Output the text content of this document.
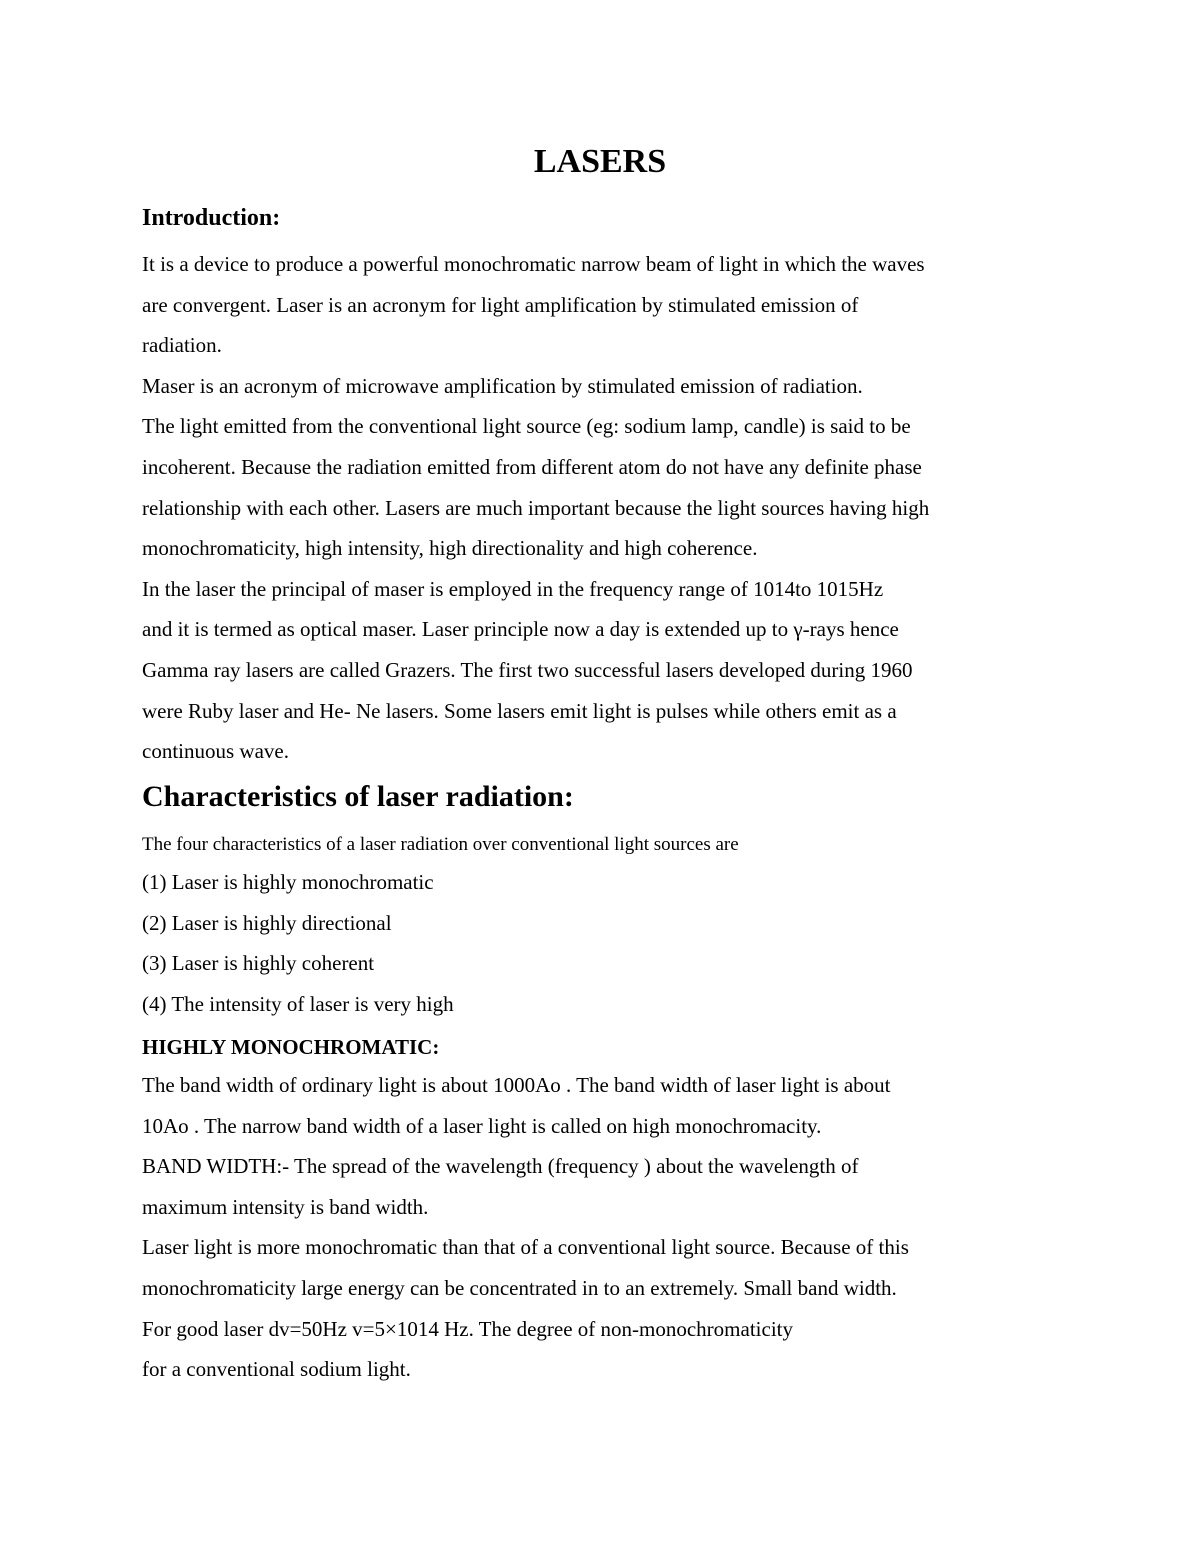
LASERS
Introduction:
It is a device to produce a powerful monochromatic narrow beam of light in which the waves
are convergent. Laser is an acronym for light amplification by stimulated emission of
radiation.
Maser is an acronym of microwave amplification by stimulated emission of radiation.
The light emitted from the conventional light source (eg: sodium lamp, candle) is said to be
incoherent. Because the radiation emitted from different atom do not have any definite phase
relationship with each other. Lasers are much important because the light sources having high
monochromaticity, high intensity, high directionality and high coherence.
In the laser the principal of maser is employed in the frequency range of 1014to 1015Hz
and it is termed as optical maser. Laser principle now a day is extended up to γ-rays hence
Gamma ray lasers are called Grazers. The first two successful lasers developed during 1960
were Ruby laser and He- Ne lasers. Some lasers emit light is pulses while others emit as a
continuous wave.
Characteristics of laser radiation:
The four characteristics of a laser radiation over conventional light sources are
(1) Laser is highly monochromatic
(2) Laser is highly directional
(3) Laser is highly coherent
(4) The intensity of laser is very high
HIGHLY MONOCHROMATIC:
The band width of ordinary light is about 1000Ao . The band width of laser light is about
10Ao . The narrow band width of a laser light is called on high monochromacity.
BAND WIDTH:- The spread of the wavelength (frequency ) about the wavelength of
maximum intensity is band width.
Laser light is more monochromatic than that of a conventional light source. Because of this
monochromaticity large energy can be concentrated in to an extremely. Small band width.
For good laser dv=50Hz v=5×1014 Hz. The degree of non-monochromaticity
for a conventional sodium light.
